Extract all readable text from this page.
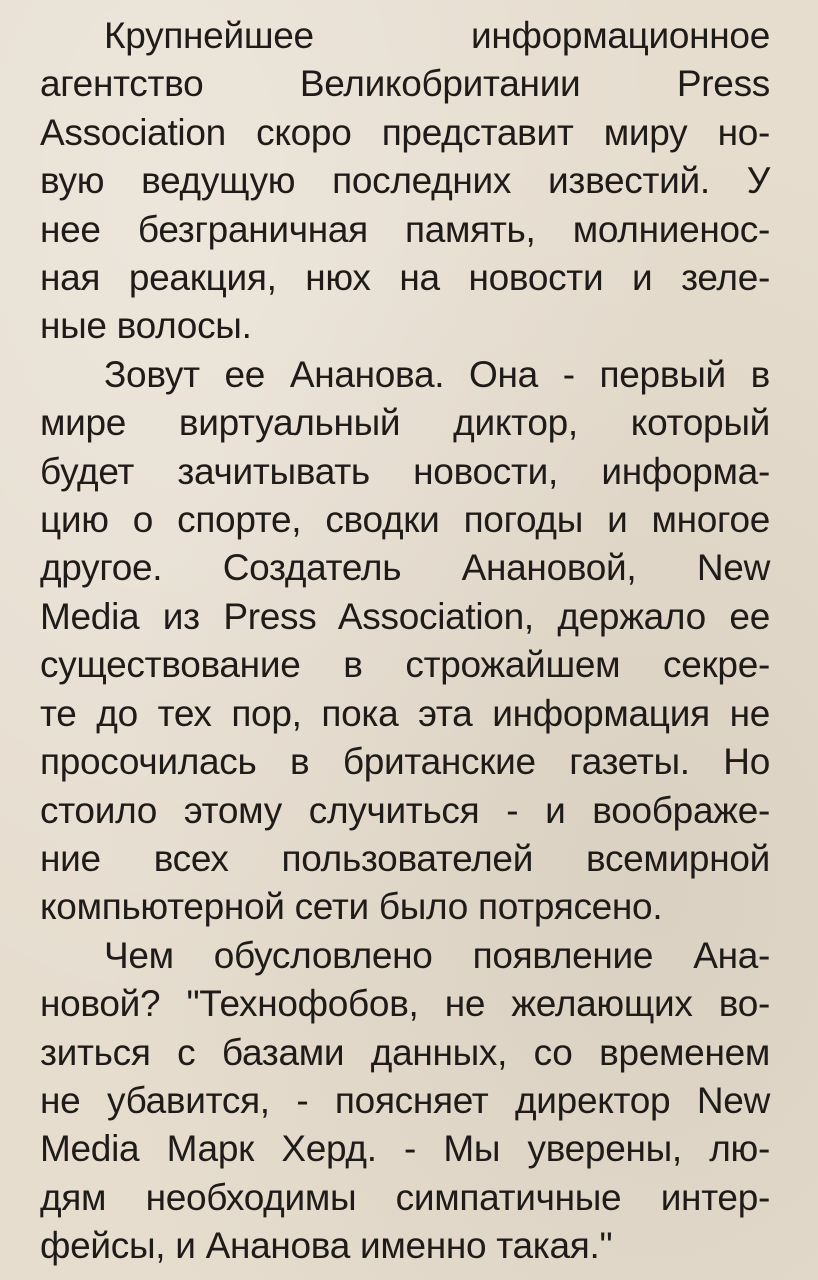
Крупнейшее информационное
агентство Великобритании Press
Association скоро представит миру но-
вую ведущую последних известий. У
нее безграничная память, молниенос-
ная реакция, нюх на новости и зеле-
ные волосы.

Зовут ее Ананова. Она - первый в
мире виртуальный диктор, который
будет зачитывать новости, информа-
цию о спорте, сводки погоды и многое
другое. Создатель Анановой, New
Media из Press Association, держало ее
существование в строжайшем секре-
те до тех пор, пока эта информация не
просочилась в британские газеты. Но
стоило этому случиться - и воображе-
ние всех пользователей всемирной
компьютерной сети было потрясено.

Чем обусловлено появление Ана-
новой? "Технофобов, не желающих во-
зиться с базами данных, со временем
не убавится, - поясняет директор New
Media Марк Херд. - Мы уверены, лю-
дям необходимы симпатичные интер-
фейсы, и Ананова именно такая."
